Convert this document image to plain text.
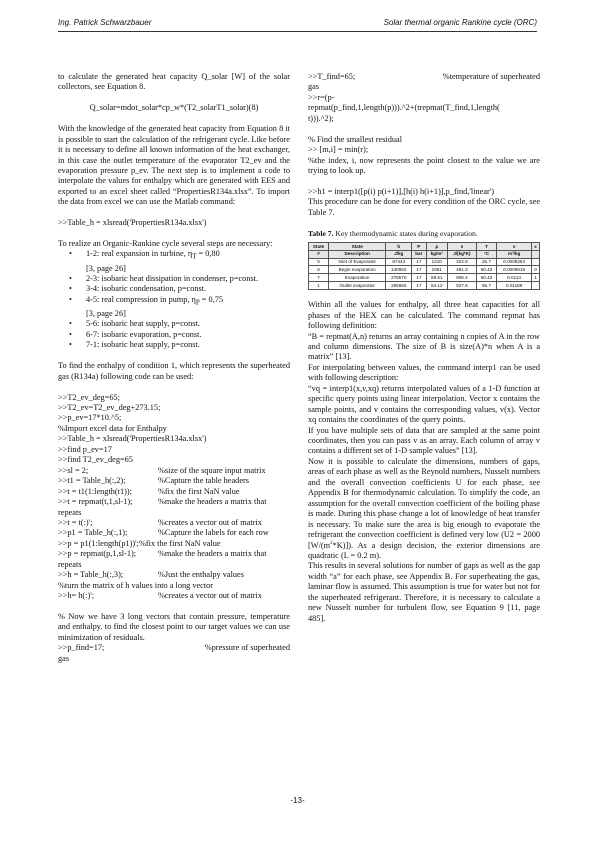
Ing. Patrick Schwarzbauer	Solar thermal organic Rankine cycle (ORC)

to calculate the generated heat capacity Q_solar [W] of the solar collectors, see Equation 8.

Q_solar=mdot_solar*cp_w*(T2_solarT1_solar)(8)

With the knowledge of the generated heat capacity from Equation 8 it is possible to start the calculation of the refrigerant cycle. Like before it is necessary to define all known information of the heat exchanger, in this case the outlet temperature of the evaporator T2_ev and the evaporation pressure p_ev. The next step is to implement a code to interpolate the values for enthalpy which are generated with EES and exported to an excel sheet called “PropertiesR134a.xlsx”. To import the data from excel we can use the Matlab command:

>>Table_h = xlsread('PropertiesR134a.xlsx')

To realize an Organic-Rankine cycle several steps are necessary:

• 1-2: real expansion in turbine, $\eta_T = 0,80$
[3, page 26]
• 2-3: isobaric heat dissipation in condenser, p=const.
• 3-4: isobaric condensation, p=const.
• 4-5: real compression in pump, $\eta_P = 0,75$
[3, page 26]
• 5-6: isobaric heat supply, p=const.
• 6-7: isobaric evaporation, p=const.
• 7-1: isobaric heat supply, p=const.

To find the enthalpy of condition 1, which represents the superheated gas (R134a) following code can be used:

>>T2_ev_deg=65;

>>T2_ev=T2_ev_deg+273.15;

>>p_ev=17*10.^5;

%Import excel data for Enthalpy

>>Table_h = xlsread('PropertiesR134a.xlsx')

>>find p_ev=17

>>find T2_ev_deg=65

>>sl = 2;	%size of the square input matrix
>>t1 = Table_h(:,2);	%Capture the table headers
>>t = t1(1:length(t1));	%fix the first NaN value
>>t = repmat(t,1,sl-1);	%make the headers a matrix that

repeats

>>t = t(:)';	%creates a vector out of matrix
>>p1 = Table_h(:,1);	%Capture the labels for each row

>>p = p1(1:length(p1))';%fix the first NaN value

>>p = repmat(p,1,sl-1);	%make the headers a matrix that

repeats

>>h = Table_h(:,3);	%Just the enthalpy values

%turn the matrix of h values into a long vector

>>h= h(:)';	%creates a vector out of matrix

% Now we have 3 long vectors that contain pressure, temperature and enthalpy. to find the closest point to our target values we can use minimization of residuals.

>>p_find=17;	%pressure of superheated

gas

>>T_find=65;	%temperature of superheated

gas

>>r=(p-

repmat(p_find,1,length(p))).^2+(trepmat(T_find,1,length(

t))).^2);

% Find the smallest residual

>> [m,i] = min(r);

%the index, i, now represents the point closest to the value we are trying to look up.

>>h1 = interp1([p(i) p(i+1)],[h(i) h(i+1)],p_find,'linear')

This procedure can be done for every condition of the ORC cycle, see Table 7.

Table 7. Key thermodynamic states during evaporation.

State	State	h	P	ρ	s	T	v	x
#	Description	J/kg	bar	kg/m³	J/(kg*K)	°C	m³/kg	
5	Inlet of Evaporator	87443	17	1210	324.9	25.7	0.0008263	
6	Begin evaporation	140062	17	1051	491.3	60.43	0.0009518	0
7	Evaporation	278570	17	88.51	906.4	60.43	0.0113	1
1	Outlet evaporator	285665	17	84.12	927.6	65.7	0.01189	

Within all the values for enthalpy, all three heat capacities for all phases of the HEX can be calculated. The command repmat has following definition:

“B = repmat(A,n) returns an array containing n copies of A in the row and column dimensions. The size of B is size(A)*n when A is a matrix” [13].

For interpolating between values, the command interp1 can be used with following description:

“vq = interp1(x,v,xq) returns interpolated values of a 1-D function at specific query points using linear interpolation. Vector x contains the sample points, and v contains the corresponding values, v(x). Vector xq contains the coordinates of the query points.

If you have multiple sets of data that are sampled at the same point coordinates, then you can pass v as an array. Each column of array v contains a different set of 1-D sample values” [13].

Now it is possible to calculate the dimensions, numbers of gaps, areas of each phase as well as the Reynold numbers, Nusselt numbers and the overall convection coefficients U for each phase, see Appendix B for thermodynamic calculation. To simplify the code, an assumption for the overall convection coefficient of the boiling phase is made. During this phase change a lot of knowledge of heat transfer is necessary. To make sure the area is big enough to evaporate the refrigerant the convection coefficient is defined very low (U2 = 2000 $[W/(m^2*K)]$). As a design decision, the exterior dimensions are quadratic (L = 0.2 m).

This results in several solutions for number of gaps as well as the gap width “a” for each phase, see Appendix B. For superheating the gas, laminar flow is assumed. This assumption is true for water but not for the superheated refrigerant. Therefore, it is necessary to calculate a new Nusselt number for turbulent flow, see Equation 9 [11, page 485].

-13-
